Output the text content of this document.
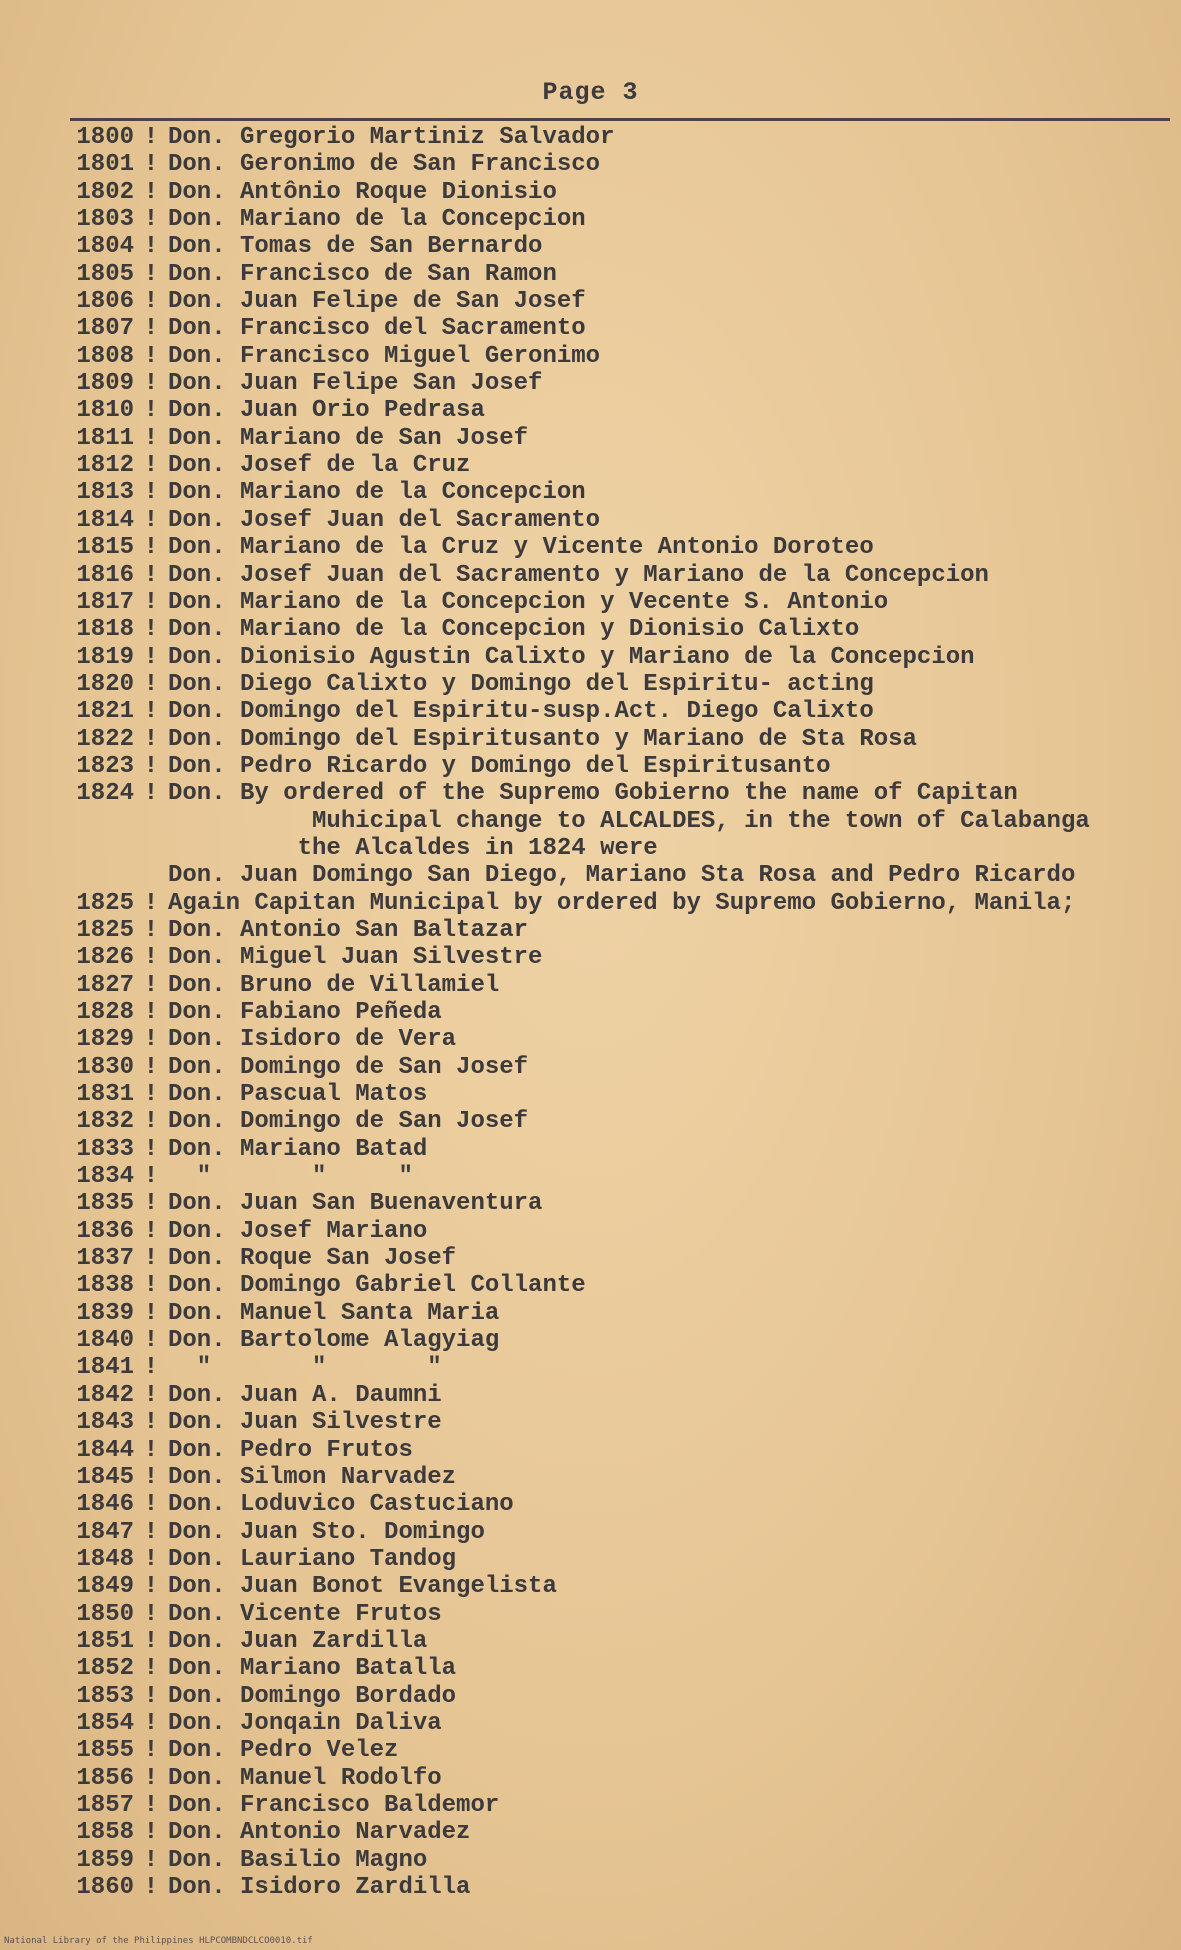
Page 3
1800 ! Don. Gregorio Martiniz Salvador
1801 ! Don. Geronimo de San Francisco
1802 ! Don. Antônio Roque Dionisio
1803 ! Don. Mariano de la Concepcion
1804 ! Don. Tomas de San Bernardo
1805 ! Don. Francisco de San Ramon
1806 ! Don. Juan Felipe de San Josef
1807 ! Don. Francisco del Sacramento
1808 ! Don. Francisco Miguel Geronimo
1809 ! Don. Juan Felipe San Josef
1810 ! Don. Juan Orio Pedrasa
1811 ! Don. Mariano de San Josef
1812 ! Don. Josef de la Cruz
1813 ! Don. Mariano de la Concepcion
1814 ! Don. Josef Juan del Sacramento
1815 ! Don. Mariano de la Cruz y Vicente Antonio Doroteo
1816 ! Don. Josef Juan del Sacramento y Mariano de la Concepcion
1817 ! Don. Mariano de la Concepcion y Vecente S. Antonio
1818 ! Don. Mariano de la Concepcion y Dionisio Calixto
1819 ! Don. Dionisio Agustin Calixto y Mariano de la Concepcion
1820 ! Don. Diego Calixto y Domingo del Espiritu- acting
1821 ! Don. Domingo del Espiritu-susp.Act. Diego Calixto
1822 ! Don. Domingo del Espiritusanto y Mariano de Sta Rosa
1823 ! Don. Pedro Ricardo y Domingo del Espiritusanto
1824 ! Don. By ordered of the Supremo Gobierno the name of Capitan
Muhicipal change to ALCALDES, in the town of Calabanga
the Alcaldes in 1824 were
Don. Juan Domingo San Diego, Mariano Sta Rosa and Pedro Ricardo
1825 ! Again Capitan Municipal by ordered by Supremo Gobierno, Manila;
1825 ! Don. Antonio San Baltazar
1826 ! Don. Miguel Juan Silvestre
1827 ! Don. Bruno de Villamiel
1828 ! Don. Fabiano Peñeda
1829 ! Don. Isidoro de Vera
1830 ! Don. Domingo de San Josef
1831 ! Don. Pascual Matos
1832 ! Don. Domingo de San Josef
1833 ! Don. Mariano Batad
1834 ! "       "     "
1835 ! Don. Juan San Buenaventura
1836 ! Don. Josef Mariano
1837 ! Don. Roque San Josef
1838 ! Don. Domingo Gabriel Collante
1839 ! Don. Manuel Santa Maria
1840 ! Don. Bartolome Alagyiag
1841 ! "       "       "
1842 ! Don. Juan A. Daumni
1843 ! Don. Juan Silvestre
1844 ! Don. Pedro Frutos
1845 ! Don. Silmon Narvadez
1846 ! Don. Loduvico Castuciano
1847 ! Don. Juan Sto. Domingo
1848 ! Don. Lauriano Tandog
1849 ! Don. Juan Bonot Evangelista
1850 ! Don. Vicente Frutos
1851 ! Don. Juan Zardilla
1852 ! Don. Mariano Batalla
1853 ! Don. Domingo Bordado
1854 ! Don. Jonqain Daliva
1855 ! Don. Pedro Velez
1856 ! Don. Manuel Rodolfo
1857 ! Don. Francisco Baldemor
1858 ! Don. Antonio Narvadez
1859 ! Don. Basilio Magno
1860 ! Don. Isidoro Zardilla
National Library of the Philippines HLPCOMBNDCLCO0010.tif
